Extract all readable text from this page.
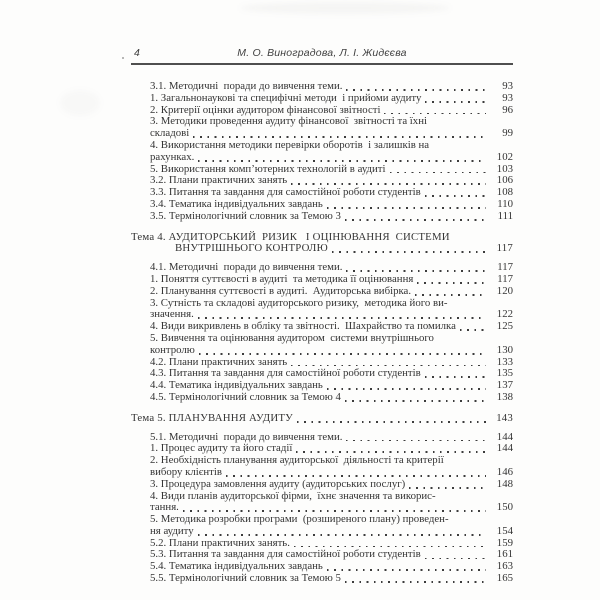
4	М. О. Виноградова, Л. І. Жидєєва
3.1. Методичні  поради до вивчення теми.	93
1. Загальнонаукові та специфічні методи  і прийоми аудиту	93
2. Критерії оцінки аудитором фінансової звітності	96
3. Методики проведення аудиту фінансової  звітності та їхні
складові	99
4. Використання методики перевірки оборотів  і залишків на
рахунках.	102
5. Використання комп’ютерних технологій в аудиті	103
3.2. Плани практичних занять	106
3.3. Питання та завдання для самостійної роботи студентів	108
3.4. Тематика індивідуальних завдань	110
3.5. Термінологічний словник за Темою 3	111
Тема 4. АУДИТОРСЬКИЙ  РИЗИК   І ОЦІНЮВАННЯ  СИСТЕМИ
ВНУТРІШНЬОГО КОНТРОЛЮ	117
4.1. Методичні  поради до вивчення теми.	117
1. Поняття суттєвості в аудиті  та методика її оцінювання	117
2. Планування суттєвості в аудиті.  Аудиторська вибірка.	120
3. Сутність та складові аудиторського ризику,  методика його ви-
значення.	122
4. Види викривлень в обліку та звітності.  Шахрайство та помилка	125
5. Вивчення та оцінювання аудитором  системи внутрішнього
контролю	130
4.2. Плани практичних занять	133
4.3. Питання та завдання для самостійної роботи студентів	135
4.4. Тематика індивідуальних завдань	137
4.5. Термінологічний словник за Темою 4	138
Тема 5. ПЛАНУВАННЯ АУДИТУ	143
5.1. Методичні  поради до вивчення теми.	144
1. Процес аудиту та його стадії	144
2. Необхідність планування аудиторської  діяльності та критерії
вибору клієнтів	146
3. Процедура замовлення аудиту (аудиторських послуг)	148
4. Види планів аудиторської фірми,  їхнє значення та викорис-
тання.	150
5. Методика розробки програми  (розширеного плану) проведен-
ня аудиту	154
5.2. Плани практичних занять.	159
5.3. Питання та завдання для самостійної роботи студентів	161
5.4. Тематика індивідуальних завдань	163
5.5. Термінологічний словник за Темою 5	165
